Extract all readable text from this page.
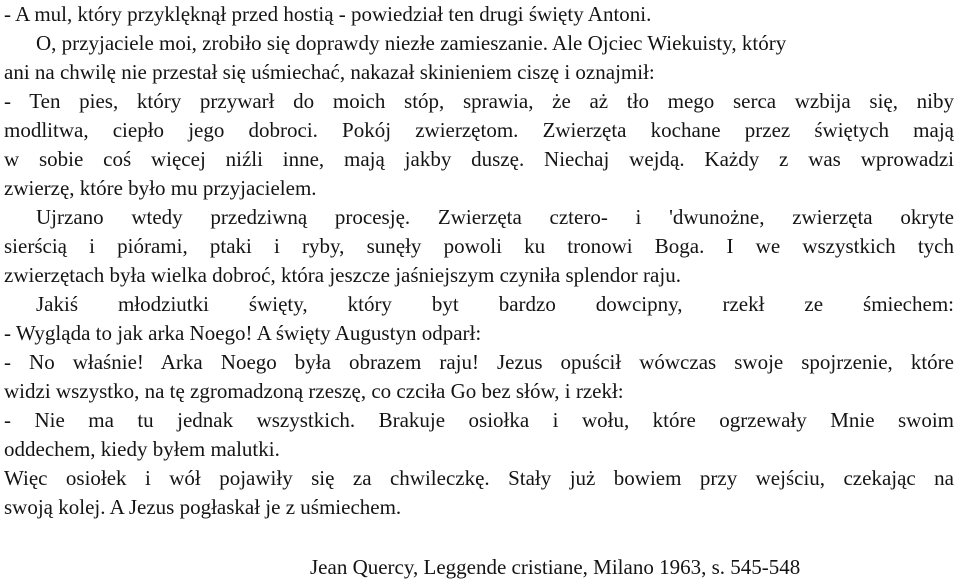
- A mul, który przyklęknął przed hostią - powiedział ten drugi święty Antoni.
O, przyjaciele moi, zrobiło się doprawdy niezłe zamieszanie. Ale Ojciec Wiekuisty, który
ani na chwilę nie przestał się uśmiechać, nakazał skinieniem ciszę i oznajmił:
- Ten pies, który przywarł do moich stóp, sprawia, że aż tło mego serca wzbija się, niby
modlitwa, ciepło jego dobroci. Pokój zwierzętom. Zwierzęta kochane przez świętych mają
w sobie coś więcej niźli inne, mają jakby duszę. Niechaj wejdą. Każdy z was wprowadzi
zwierzę, które było mu przyjacielem.
Ujrzano wtedy przedziwną procesję. Zwierzęta cztero- i 'dwunożne, zwierzęta okryte
sierścią i piórami, ptaki i ryby, sunęły powoli ku tronowi Boga. I we wszystkich tych
zwierzętach była wielka dobroć, która jeszcze jaśniejszym czyniła splendor raju.
Jakiś młodziutki święty, który byt bardzo dowcipny, rzekł ze śmiechem:
- Wygląda to jak arka Noego! A święty Augustyn odparł:
- No właśnie! Arka Noego była obrazem raju! Jezus opuścił wówczas swoje spojrzenie, które
widzi wszystko, na tę zgromadzoną rzeszę, co czciła Go bez słów, i rzekł:
- Nie ma tu jednak wszystkich. Brakuje osiołka i wołu, które ogrzewały Mnie swoim
oddechem, kiedy byłem malutki.
Więc osiołek i wół pojawiły się za chwileczkę. Stały już bowiem przy wejściu, czekając na
swoją kolej. A Jezus pogłaskał je z uśmiechem.
Jean Quercy, Leggende cristiane, Milano 1963, s. 545-548
